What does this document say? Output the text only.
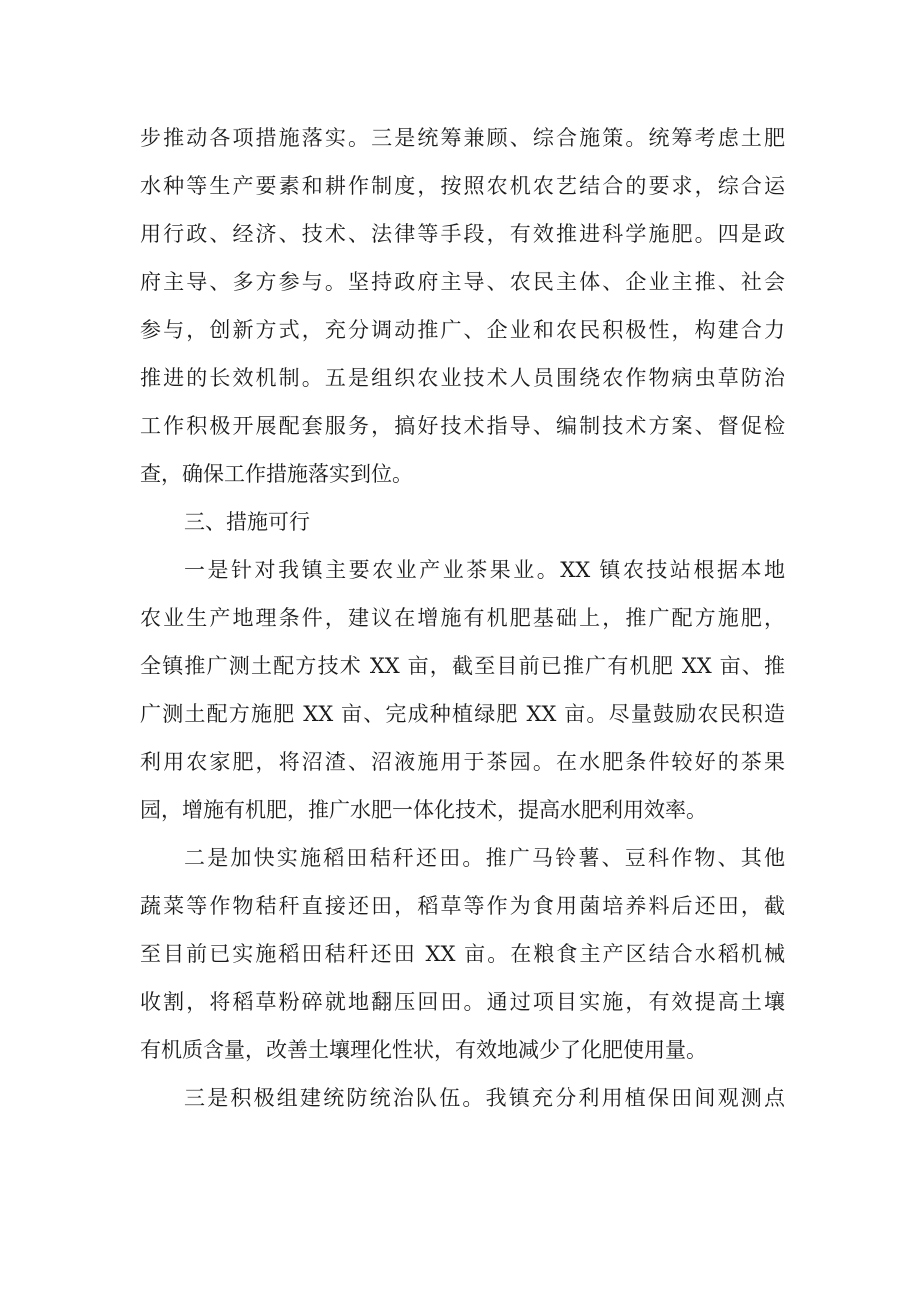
步推动各项措施落实。三是统筹兼顾、综合施策。统筹考虑土肥
水种等生产要素和耕作制度，按照农机农艺结合的要求，综合运
用行政、经济、技术、法律等手段，有效推进科学施肥。四是政
府主导、多方参与。坚持政府主导、农民主体、企业主推、社会
参与，创新方式，充分调动推广、企业和农民积极性，构建合力
推进的长效机制。五是组织农业技术人员围绕农作物病虫草防治
工作积极开展配套服务，搞好技术指导、编制技术方案、督促检
查，确保工作措施落实到位。
三、措施可行
一是针对我镇主要农业产业茶果业。XX 镇农技站根据本地
农业生产地理条件，建议在增施有机肥基础上，推广配方施肥，
全镇推广测土配方技术 XX 亩，截至目前已推广有机肥 XX 亩、推
广测土配方施肥 XX 亩、完成种植绿肥 XX 亩。尽量鼓励农民积造
利用农家肥，将沼渣、沼液施用于茶园。在水肥条件较好的茶果
园，增施有机肥，推广水肥一体化技术，提高水肥利用效率。
二是加快实施稻田秸秆还田。推广马铃薯、豆科作物、其他
蔬菜等作物秸秆直接还田，稻草等作为食用菌培养料后还田，截
至目前已实施稻田秸秆还田 XX 亩。在粮食主产区结合水稻机械
收割，将稻草粉碎就地翻压回田。通过项目实施，有效提高土壤
有机质含量，改善土壤理化性状，有效地减少了化肥使用量。
三是积极组建统防统治队伍。我镇充分利用植保田间观测点
